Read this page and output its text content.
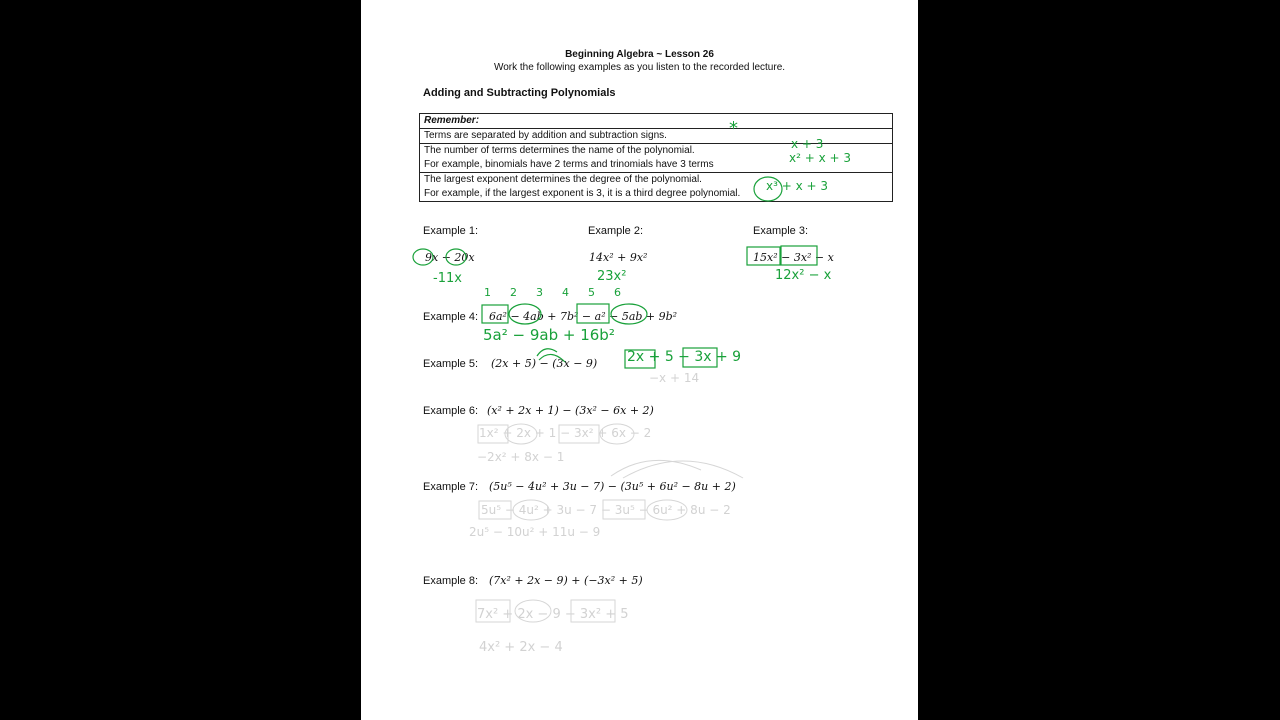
Beginning Algebra ~ Lesson 26
Work the following examples as you listen to the recorded lecture.
Adding and Subtracting Polynomials
Remember:
Terms are separated by addition and subtraction signs.
The number of terms determines the name of the polynomial.
For example, binomials have 2 terms and trinomials have 3 terms
The largest exponent determines the degree of the polynomial.
For example, if the largest exponent is 3, it is a third degree polynomial.
*
x + 3
x² + x + 3
x³ + x + 3
Example 1:
9x − 20x
-11x
Example 2:
14x² + 9x²
23x²
Example 3:
15x² − 3x² − x
12x² − x
123456
Example 4: 6a² − 4ab + 7b² − a² − 5ab + 9b²
5a² − 9ab + 16b²
Example 5: (2x + 5) − (3x − 9) 2x + 5 − 3x + 9
−x + 14
Example 6: (x² + 2x + 1) − (3x² − 6x + 2)
1x² + 2x + 1 − 3x² + 6x − 2
−2x² + 8x − 1
Example 7: (5u⁵ − 4u² + 3u − 7) − (3u⁵ + 6u² − 8u + 2)
5u⁵ − 4u² + 3u − 7 − 3u⁵ − 6u² + 8u − 2
2u⁵ − 10u² + 11u − 9
Example 8: (7x² + 2x − 9) + (−3x² + 5)
7x² + 2x − 9 − 3x² + 5
4x² + 2x − 4
